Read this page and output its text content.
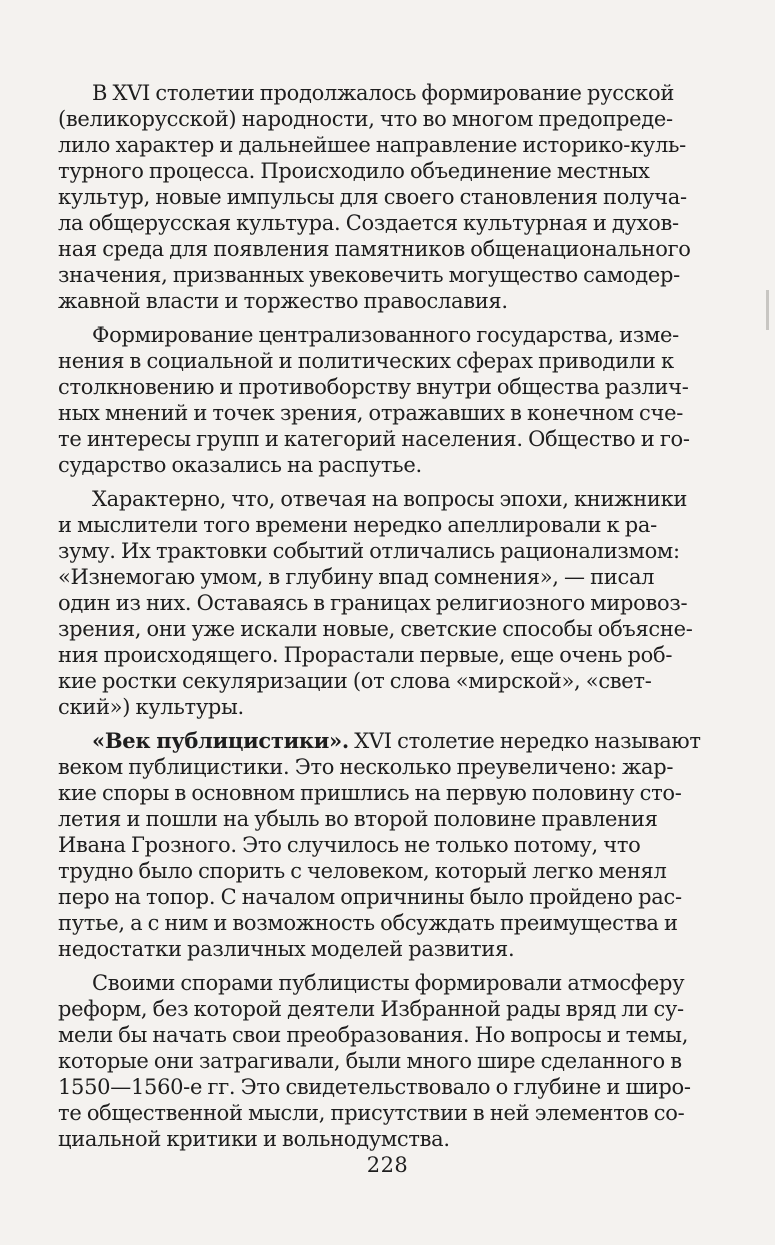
В XVI столетии продолжалось формирование русской
(великорусской) народности, что во многом предопреде-
лило характер и дальнейшее направление историко-куль-
турного процесса. Происходило объединение местных
культур, новые импульсы для своего становления получа-
ла общерусская культура. Создается культурная и духов-
ная среда для появления памятников общенационального
значения, призванных увековечить могущество самодер-
жавной власти и торжество православия.

Формирование централизованного государства, изме-
нения в социальной и политических сферах приводили к
столкновению и противоборству внутри общества различ-
ных мнений и точек зрения, отражавших в конечном сче-
те интересы групп и категорий населения. Общество и го-
сударство оказались на распутье.

Характерно, что, отвечая на вопросы эпохи, книжники
и мыслители того времени нередко апеллировали к ра-
зуму. Их трактовки событий отличались рационализмом:
«Изнемогаю умом, в глубину впад сомнения», — писал
один из них. Оставаясь в границах религиозного мировоз-
зрения, они уже искали новые, светские способы объясне-
ния происходящего. Прорастали первые, еще очень роб-
кие ростки секуляризации (от слова «мирской», «свет-
ский») культуры.

«Век публицистики». XVI столетие нередко называют
веком публицистики. Это несколько преувеличено: жар-
кие споры в основном пришлись на первую половину сто-
летия и пошли на убыль во второй половине правления
Ивана Грозного. Это случилось не только потому, что
трудно было спорить с человеком, который легко менял
перо на топор. С началом опричнины было пройдено рас-
путье, а с ним и возможность обсуждать преимущества и
недостатки различных моделей развития.

Своими спорами публицисты формировали атмосферу
реформ, без которой деятели Избранной рады вряд ли су-
мели бы начать свои преобразования. Но вопросы и темы,
которые они затрагивали, были много шире сделанного в
1550—1560-е гг. Это свидетельствовало о глубине и широ-
те общественной мысли, присутствии в ней элементов со-
циальной критики и вольнодумства.

228
